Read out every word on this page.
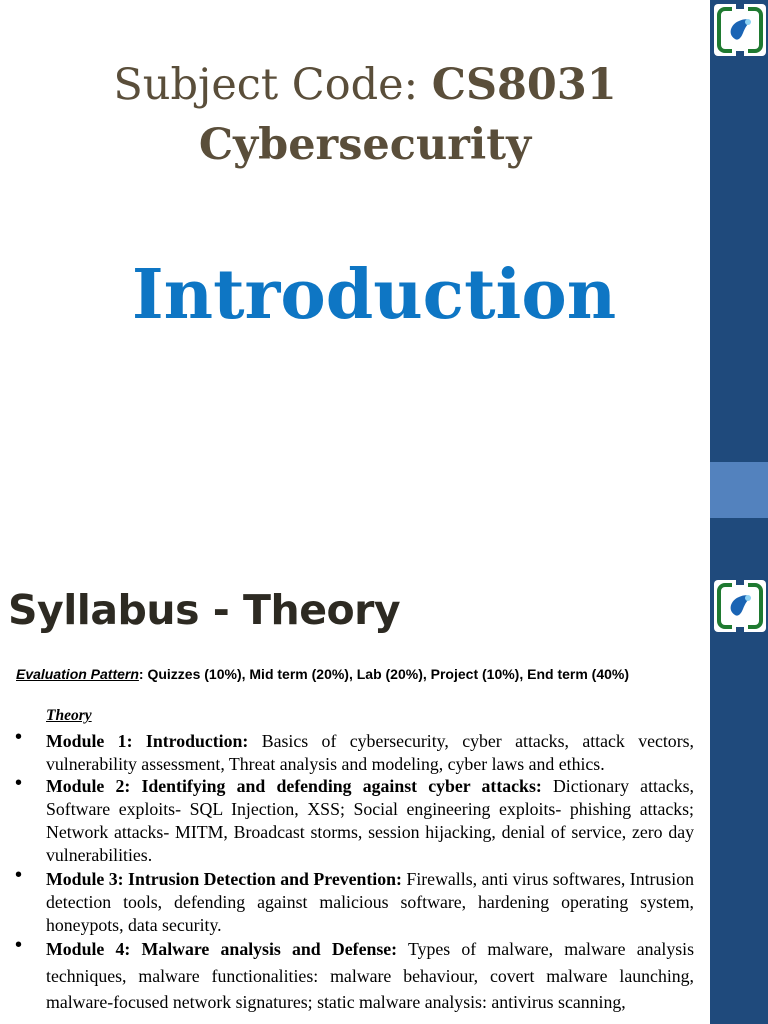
Subject Code: CS8031
Cybersecurity
Introduction
Syllabus - Theory
Evaluation Pattern: Quizzes (10%), Mid term (20%), Lab (20%), Project (10%), End term (40%)
Theory
• Module 1: Introduction: Basics of cybersecurity, cyber attacks, attack vectors, vulnerability assessment, Threat analysis and modeling, cyber laws and ethics.
• Module 2: Identifying and defending against cyber attacks: Dictionary attacks, Software exploits- SQL Injection, XSS; Social engineering exploits- phishing attacks; Network attacks- MITM, Broadcast storms, session hijacking, denial of service, zero day vulnerabilities.
• Module 3: Intrusion Detection and Prevention: Firewalls, anti virus softwares, Intrusion detection tools, defending against malicious software, hardening operating system, honeypots, data security.
• Module 4: Malware analysis and Defense: Types of malware, malware analysis techniques, malware functionalities: malware behaviour, covert malware launching, malware-focused network signatures; static malware analysis: antivirus scanning,
